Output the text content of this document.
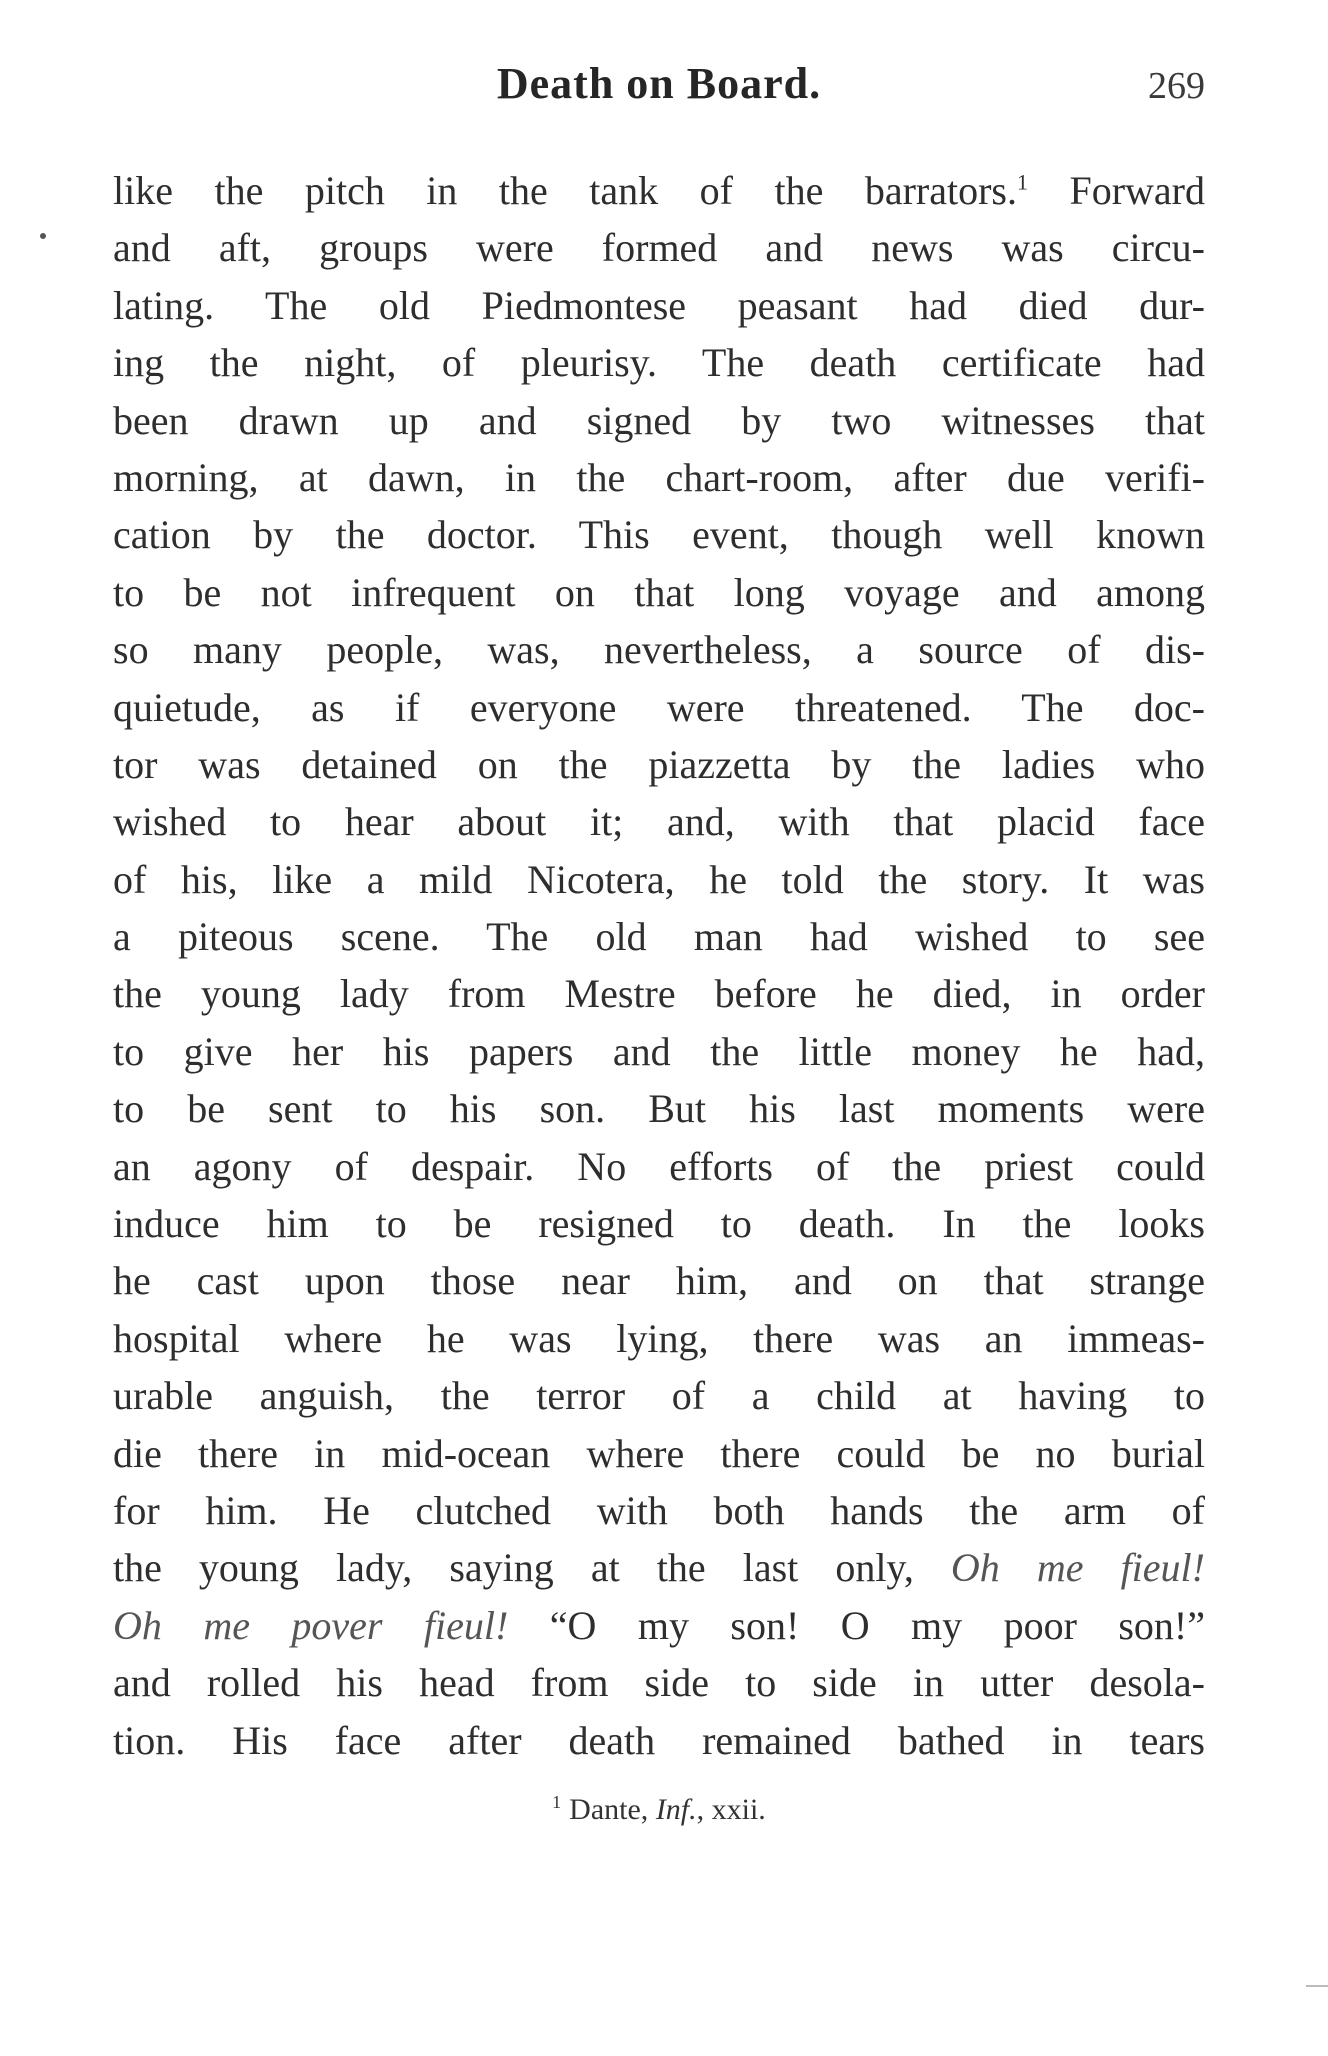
Death on Board.	269
like the pitch in the tank of the barrators.$^1$ Forward
and aft, groups were formed and news was circu-
lating. The old Piedmontese peasant had died dur-
ing the night, of pleurisy. The death certificate had
been drawn up and signed by two witnesses that
morning, at dawn, in the chart-room, after due verifi-
cation by the doctor. This event, though well known
to be not infrequent on that long voyage and among
so many people, was, nevertheless, a source of dis-
quietude, as if everyone were threatened. The doc-
tor was detained on the piazzetta by the ladies who
wished to hear about it; and, with that placid face
of his, like a mild Nicotera, he told the story. It was
a piteous scene. The old man had wished to see
the young lady from Mestre before he died, in order
to give her his papers and the little money he had,
to be sent to his son. But his last moments were
an agony of despair. No efforts of the priest could
induce him to be resigned to death. In the looks
he cast upon those near him, and on that strange
hospital where he was lying, there was an immeas-
urable anguish, the terror of a child at having to
die there in mid-ocean where there could be no burial
for him. He clutched with both hands the arm of
the young lady, saying at the last only, Oh me fieul!
Oh me pover fieul! “O my son! O my poor son!”
and rolled his head from side to side in utter desola-
tion. His face after death remained bathed in tears
$^1$ Dante, Inf., xxii.
